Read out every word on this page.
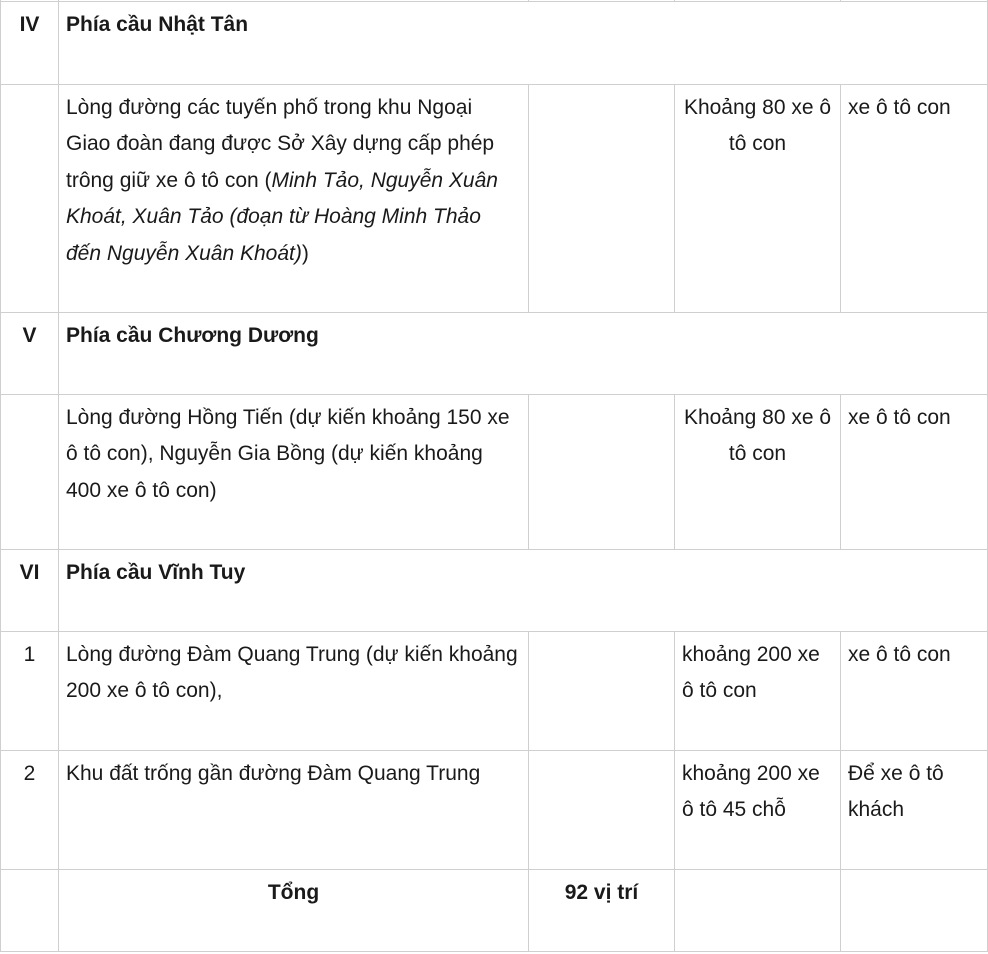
IV	Phía cầu Nhật Tân			
	Lòng đường các tuyến phố trong khu Ngoại Giao đoàn đang được Sở Xây dựng cấp phép trông giữ xe ô tô con (Minh Tảo, Nguyễn Xuân Khoát, Xuân Tảo (đoạn từ Hoàng Minh Thảo đến Nguyễn Xuân Khoát))		Khoảng 80 xe ô tô con	xe ô tô con
V	Phía cầu Chương Dương			
	Lòng đường Hồng Tiến (dự kiến khoảng 150 xe ô tô con), Nguyễn Gia Bồng (dự kiến khoảng 400 xe ô tô con)		Khoảng 80 xe ô tô con	xe ô tô con
VI	Phía cầu Vĩnh Tuy			
1	Lòng đường Đàm Quang Trung (dự kiến khoảng 200 xe ô tô con),		khoảng 200 xe ô tô con	xe ô tô con
2	Khu đất trống gần đường Đàm Quang Trung		khoảng 200 xe ô tô 45 chỗ	Để xe ô tô khách
	Tổng	92 vị trí		
